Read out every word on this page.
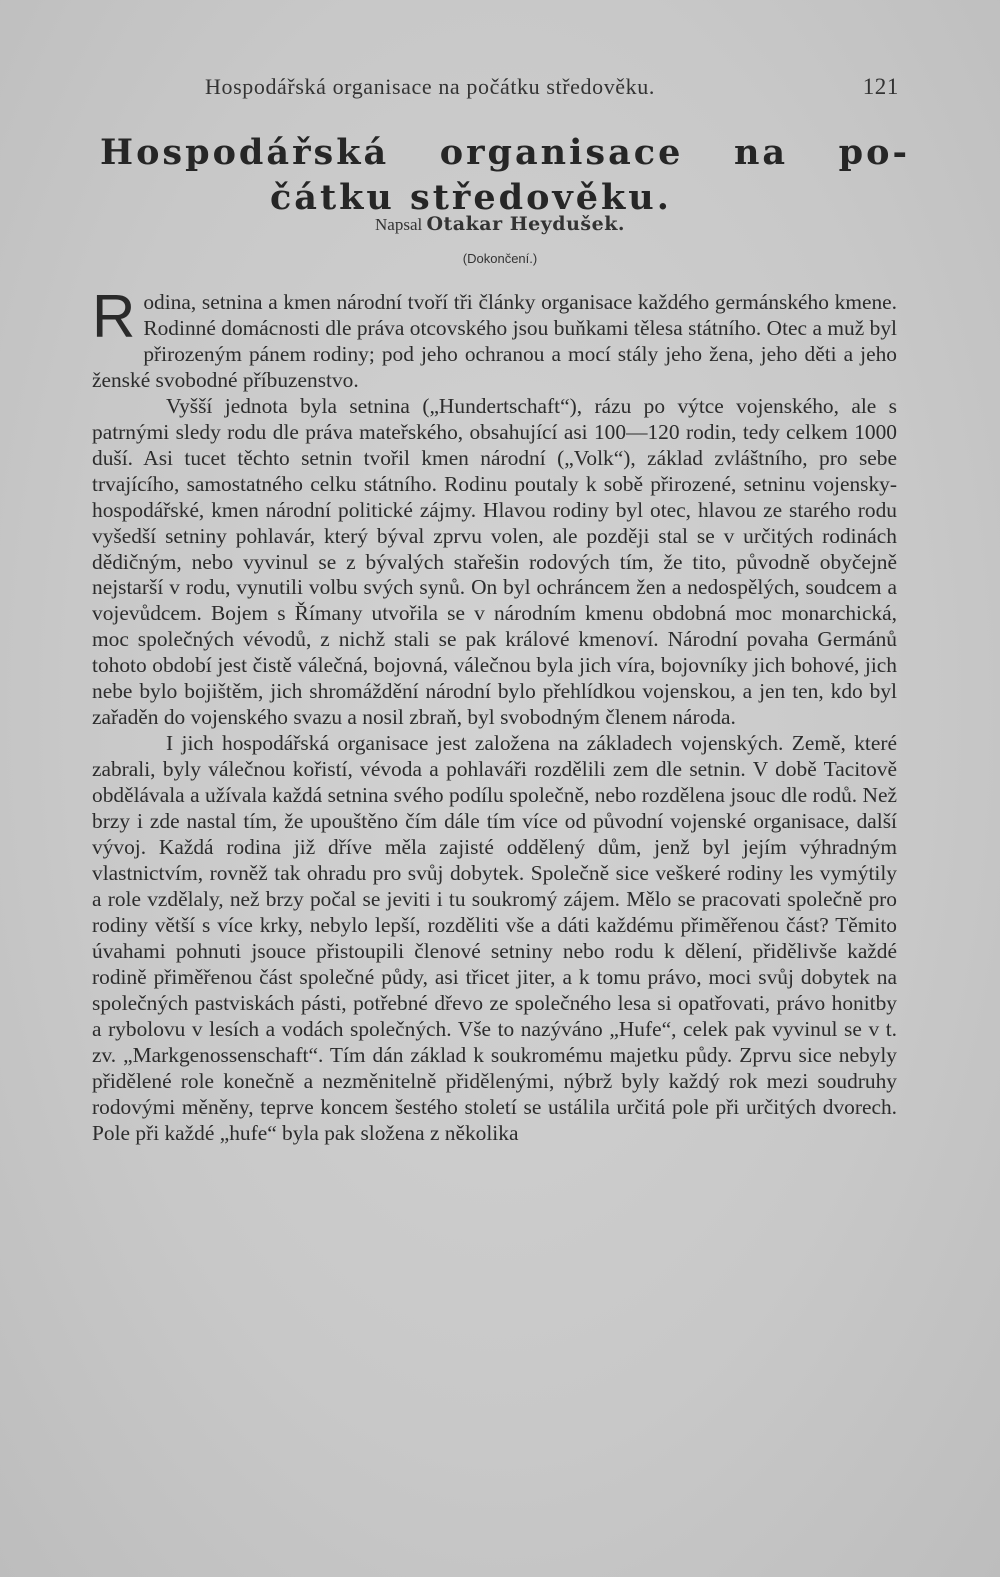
Hospodářská organisace na počátku středověku.	121
Hospodářská organisace na po-
čátku středověku.
Napsal Otakar Heydušek.
(Dokončení.)

Rodina, setnina a kmen národní tvoří tři články organisace každého germánského kmene. Rodinné domácnosti dle práva otcovského jsou buňkami tělesa státního. Otec a muž byl přirozeným pánem rodiny; pod jeho ochranou a mocí stály jeho žena, jeho děti a jeho ženské svobodné příbuzenstvo.

Vyšší jednota byla setnina („Hundertschaft“), rázu po výtce vojenského, ale s patrnými sledy rodu dle práva mateřského, obsahující asi 100—120 rodin, tedy celkem 1000 duší. Asi tucet těchto setnin tvořil kmen národní („Volk“), základ zvláštního, pro sebe trvajícího, samostatného celku státního. Rodinu poutaly k sobě přirozené, setninu vojensky-hospodářské, kmen národní politické zájmy. Hlavou rodiny byl otec, hlavou ze starého rodu vyšedší setniny pohlavár, který býval zprvu volen, ale později stal se v určitých rodinách dědičným, nebo vyvinul se z bývalých stařešin rodových tím, že tito, původně obyčejně nejstarší v rodu, vynutili volbu svých synů. On byl ochráncem žen a nedospělých, soudcem a vojevůdcem. Bojem s Římany utvořila se v národním kmenu obdobná moc monarchická, moc společných vévodů, z nichž stali se pak králové kmenoví. Národní povaha Germánů tohoto období jest čistě válečná, bojovná, válečnou byla jich víra, bojovníky jich bohové, jich nebe bylo bojištěm, jich shromáždění národní bylo přehlídkou vojenskou, a jen ten, kdo byl zařaděn do vojenského svazu a nosil zbraň, byl svobodným členem národa.

I jich hospodářská organisace jest založena na základech vojenských. Země, které zabrali, byly válečnou kořistí, vévoda a pohlaváři rozdělili zem dle setnin. V době Tacitově obdělávala a užívala každá setnina svého podílu společně, nebo rozdělena jsouc dle rodů. Než brzy i zde nastal tím, že upouštěno čím dále tím více od původní vojenské organisace, další vývoj. Každá rodina již dříve měla zajisté oddělený dům, jenž byl jejím výhradným vlastnictvím, rovněž tak ohradu pro svůj dobytek. Společně sice veškeré rodiny les vymýtily a role vzdělaly, než brzy počal se jeviti i tu soukromý zájem. Mělo se pracovati společně pro rodiny větší s více krky, nebylo lepší, rozděliti vše a dáti každému přiměřenou část? Těmito úvahami pohnuti jsouce přistoupili členové setniny nebo rodu k dělení, přidělivše každé rodině přiměřenou část společné půdy, asi třicet jiter, a k tomu právo, moci svůj dobytek na společných pastviskách pásti, potřebné dřevo ze společného lesa si opatřovati, právo honitby a rybolovu v lesích a vodách společných. Vše to nazýváno „Hufe“, celek pak vyvinul se v t. zv. „Markgenossenschaft“. Tím dán základ k soukromému majetku půdy. Zprvu sice nebyly přidělené role konečně a nezměnitelně přidělenými, nýbrž byly každý rok mezi soudruhy rodovými měněny, teprve koncem šestého století se ustálila určitá pole při určitých dvorech. Pole při každé „hufe“ byla pak složena z několika
